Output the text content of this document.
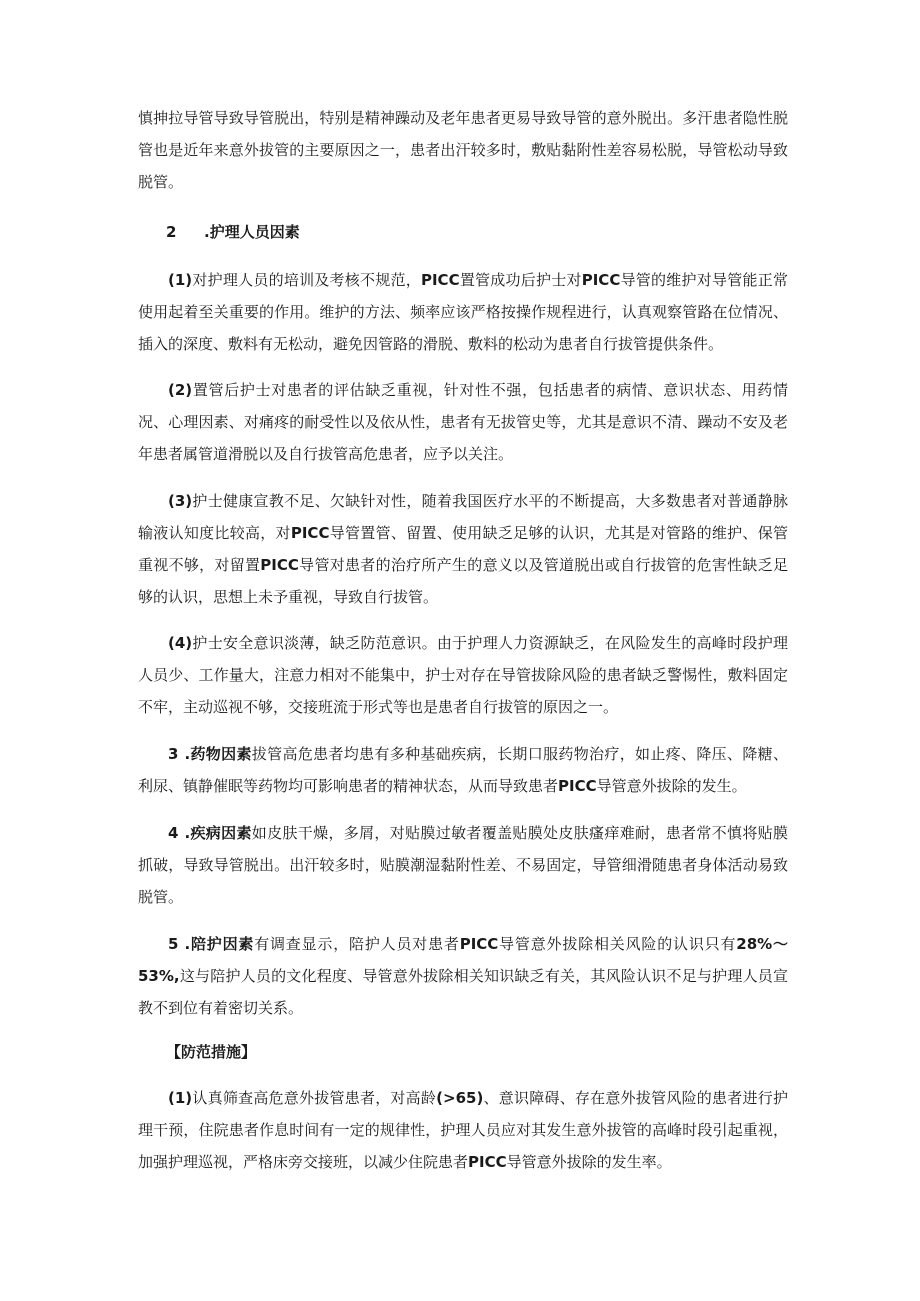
慎抻拉导管导致导管脱出，特别是精神躁动及老年患者更易导致导管的意外脱出。多汗患者隐性脱管也是近年来意外拔管的主要原因之一，患者出汗较多时，敷贴黏附性差容易松脱，导管松动导致脱管。

2 .护理人员因素

(1)对护理人员的培训及考核不规范，PICC置管成功后护士对PICC导管的维护对导管能正常使用起着至关重要的作用。维护的方法、频率应该严格按操作规程进行，认真观察管路在位情况、插入的深度、敷料有无松动，避免因管路的滑脱、敷料的松动为患者自行拔管提供条件。

(2)置管后护士对患者的评估缺乏重视，针对性不强，包括患者的病情、意识状态、用药情况、心理因素、对痛疼的耐受性以及依从性，患者有无拔管史等，尤其是意识不清、躁动不安及老年患者属管道滑脱以及自行拔管高危患者，应予以关注。

(3)护士健康宣教不足、欠缺针对性，随着我国医疗水平的不断提高，大多数患者对普通静脉输液认知度比较高，对PICC导管置管、留置、使用缺乏足够的认识，尤其是对管路的维护、保管重视不够，对留置PICC导管对患者的治疗所产生的意义以及管道脱出或自行拔管的危害性缺乏足够的认识，思想上未予重视，导致自行拔管。

(4)护士安全意识淡薄，缺乏防范意识。由于护理人力资源缺乏，在风险发生的高峰时段护理人员少、工作量大，注意力相对不能集中，护士对存在导管拔除风险的患者缺乏警惕性，敷料固定不牢，主动巡视不够，交接班流于形式等也是患者自行拔管的原因之一。

3 .药物因素拔管高危患者均患有多种基础疾病，长期口服药物治疗，如止疼、降压、降糖、利尿、镇静催眠等药物均可影响患者的精神状态，从而导致患者PICC导管意外拔除的发生。

4 .疾病因素如皮肤干燥，多屑，对贴膜过敏者覆盖贴膜处皮肤瘙痒难耐，患者常不慎将贴膜抓破，导致导管脱出。出汗较多时，贴膜潮湿黏附性差、不易固定，导管细滑随患者身体活动易致脱管。

5 .陪护因素有调查显示，陪护人员对患者PICC导管意外拔除相关风险的认识只有28%〜53%,这与陪护人员的文化程度、导管意外拔除相关知识缺乏有关，其风险认识不足与护理人员宣教不到位有着密切关系。

【防范措施】

(1)认真筛查高危意外拔管患者，对高龄(>65)、意识障碍、存在意外拔管风险的患者进行护理干预，住院患者作息时间有一定的规律性，护理人员应对其发生意外拔管的高峰时段引起重视，加强护理巡视，严格床旁交接班，以减少住院患者PICC导管意外拔除的发生率。
